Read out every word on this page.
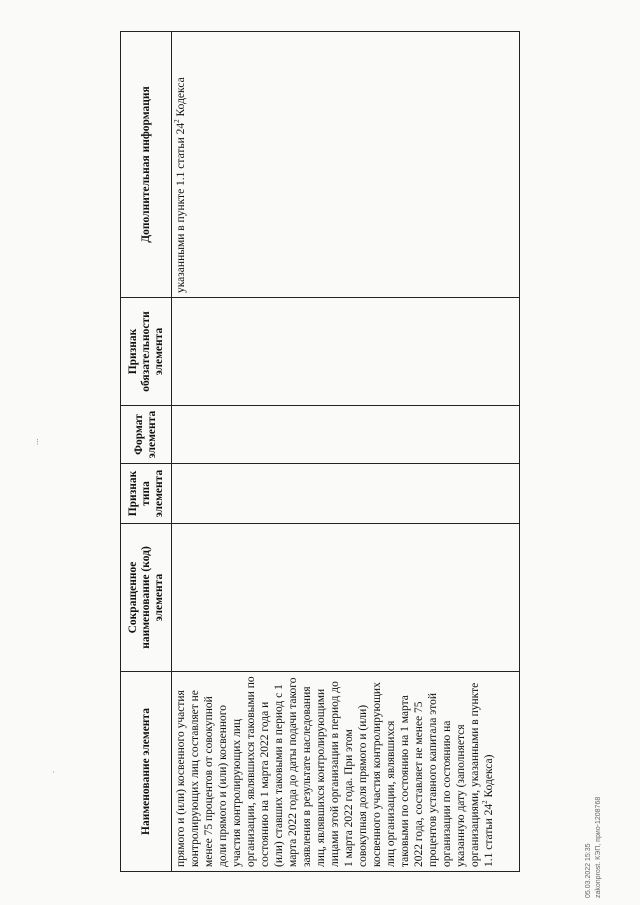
Наименование элемента	Сокращенное наименование (код) элемента	Признак типа элемента	Формат элемента	Признак обязательности элемента	Дополнительная информация
прямого и (или) косвенного участия контролирующих лиц составляет не менее 75 процентов от совокупной доли прямого и (или) косвенного участия контролирующих лиц организации, являвшихся таковыми по состоянию на 1 марта 2022 года и (или) ставших таковыми в период с 1 марта 2022 года до даты подачи такого заявления в результате наследования лиц, являвшихся контролирующими лицами этой организации в период до 1 марта 2022 года. При этом совокупная доля прямого и (или) косвенного участия контролирующих лиц организации, являвшихся таковыми по состоянию на 1 марта 2022 года, составляет не менее 75 процентов уставного капитала этой организации по состоянию на указанную дату (заполняется организациями, указанными в пункте 1.1 статьи $24^2$ Кодекса)					указанными в пункте 1.1 статьи $24^2$ Кодекса
05.03.2022 15:35 zakonprost. КЭП, прио-1208768
⁝
·
